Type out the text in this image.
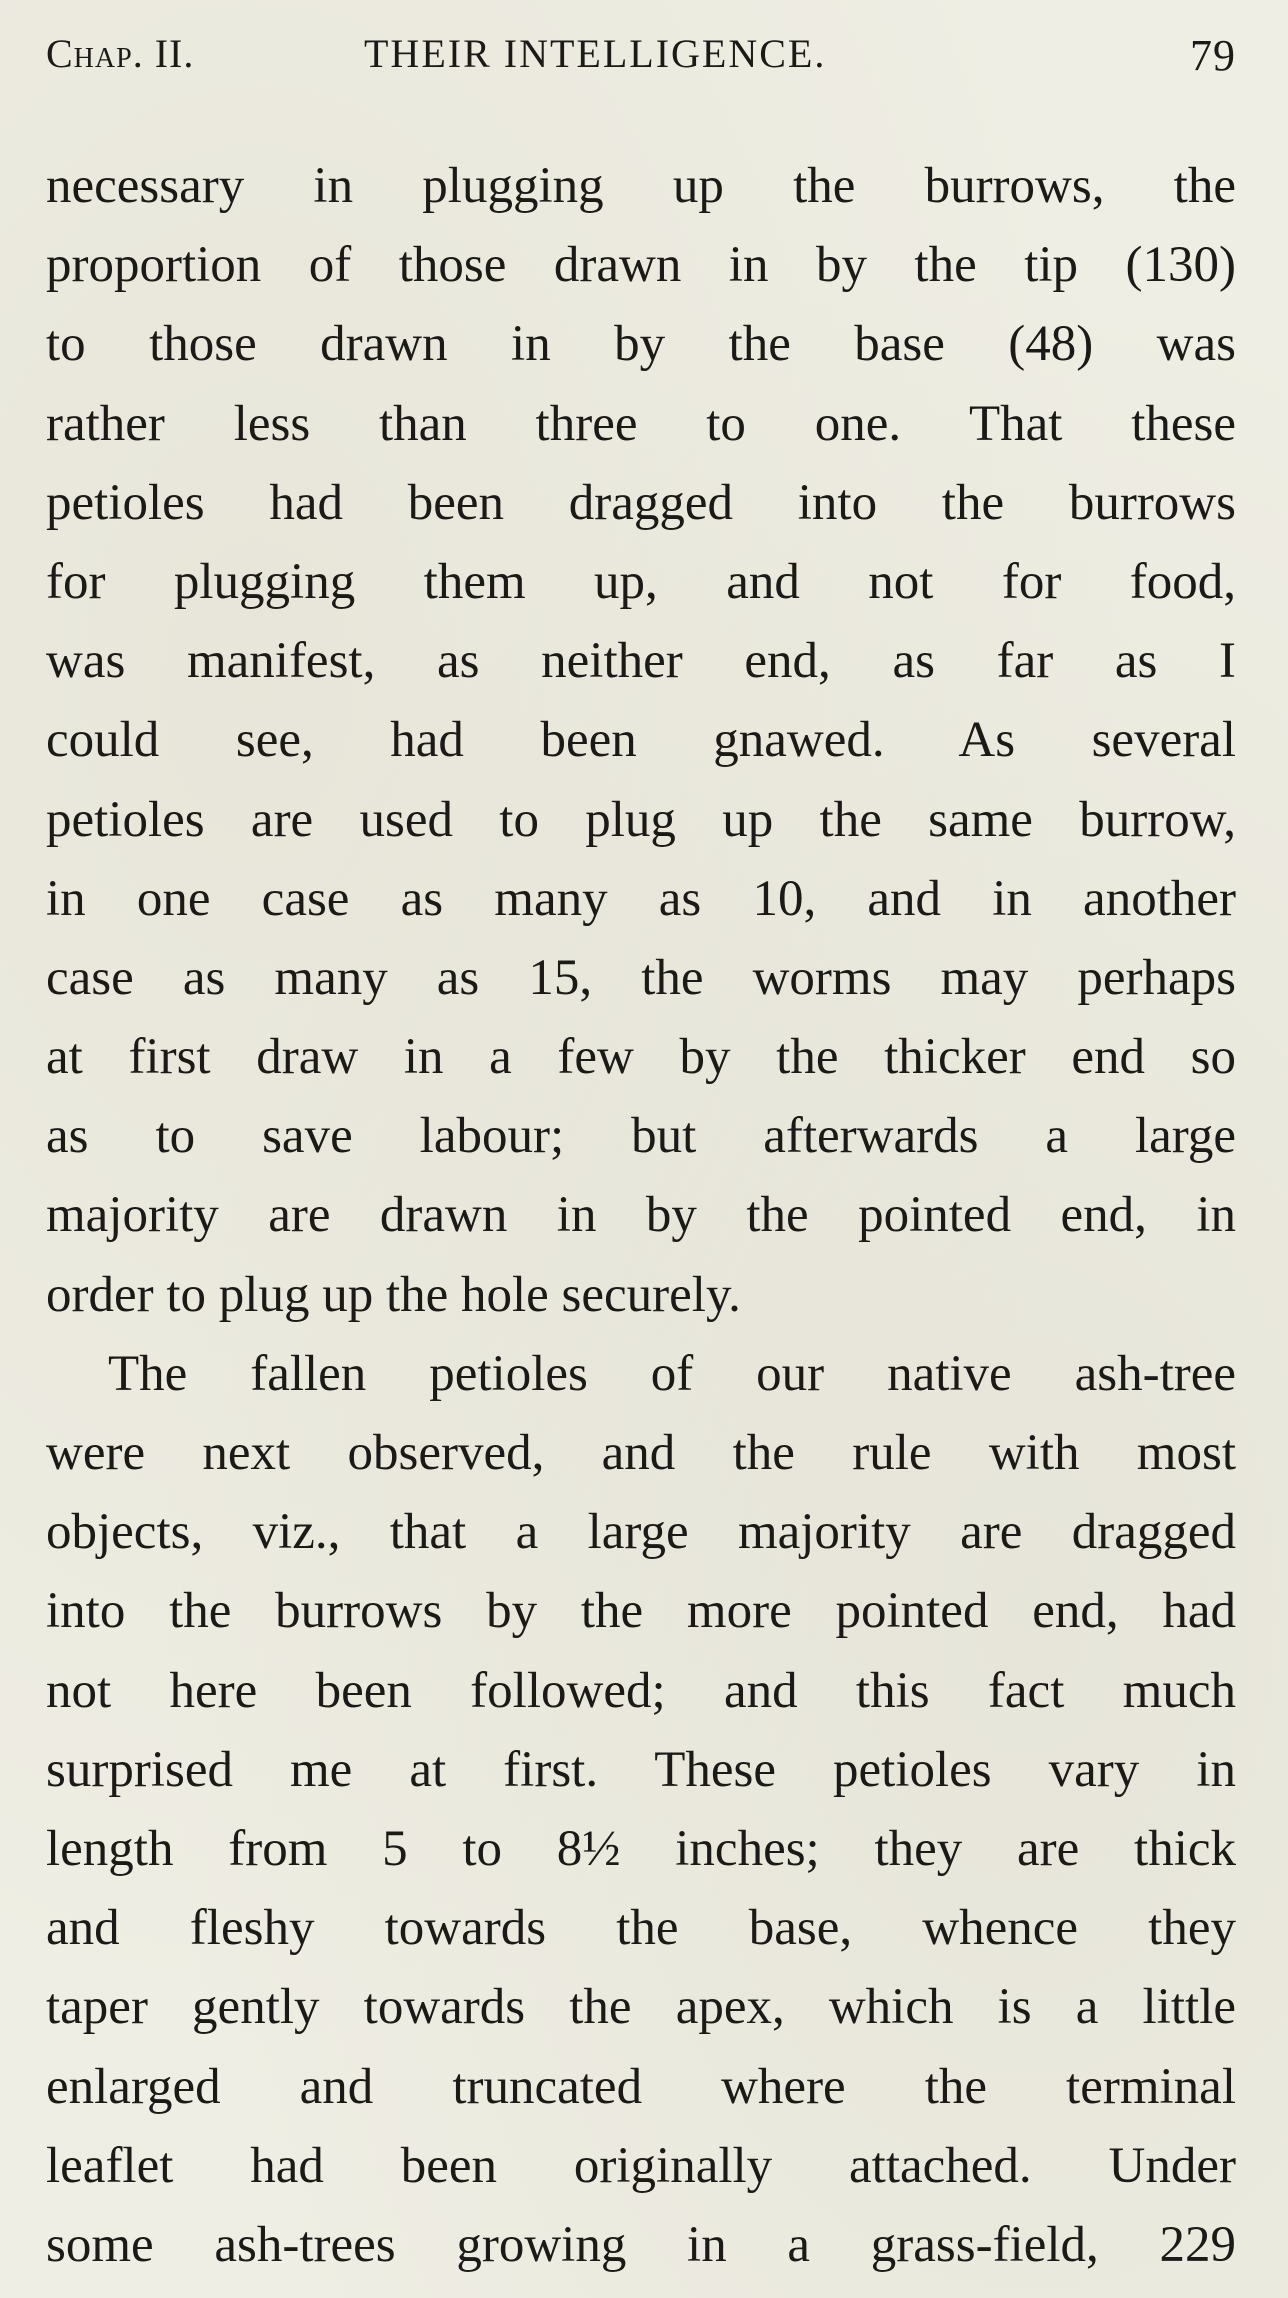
Chap. II.	THEIR INTELLIGENCE.	79
necessary in plugging up the burrows, the
proportion of those drawn in by the tip (130)
to those drawn in by the base (48) was
rather less than three to one. That these
petioles had been dragged into the burrows
for plugging them up, and not for food,
was manifest, as neither end, as far as I
could see, had been gnawed. As several
petioles are used to plug up the same burrow,
in one case as many as 10, and in another
case as many as 15, the worms may perhaps
at first draw in a few by the thicker end so
as to save labour; but afterwards a large
majority are drawn in by the pointed end, in
order to plug up the hole securely.
The fallen petioles of our native ash-tree
were next observed, and the rule with most
objects, viz., that a large majority are dragged
into the burrows by the more pointed end, had
not here been followed; and this fact much
surprised me at first. These petioles vary in
length from 5 to 8½ inches; they are thick
and fleshy towards the base, whence they
taper gently towards the apex, which is a little
enlarged and truncated where the terminal
leaflet had been originally attached. Under
some ash-trees growing in a grass-field, 229
